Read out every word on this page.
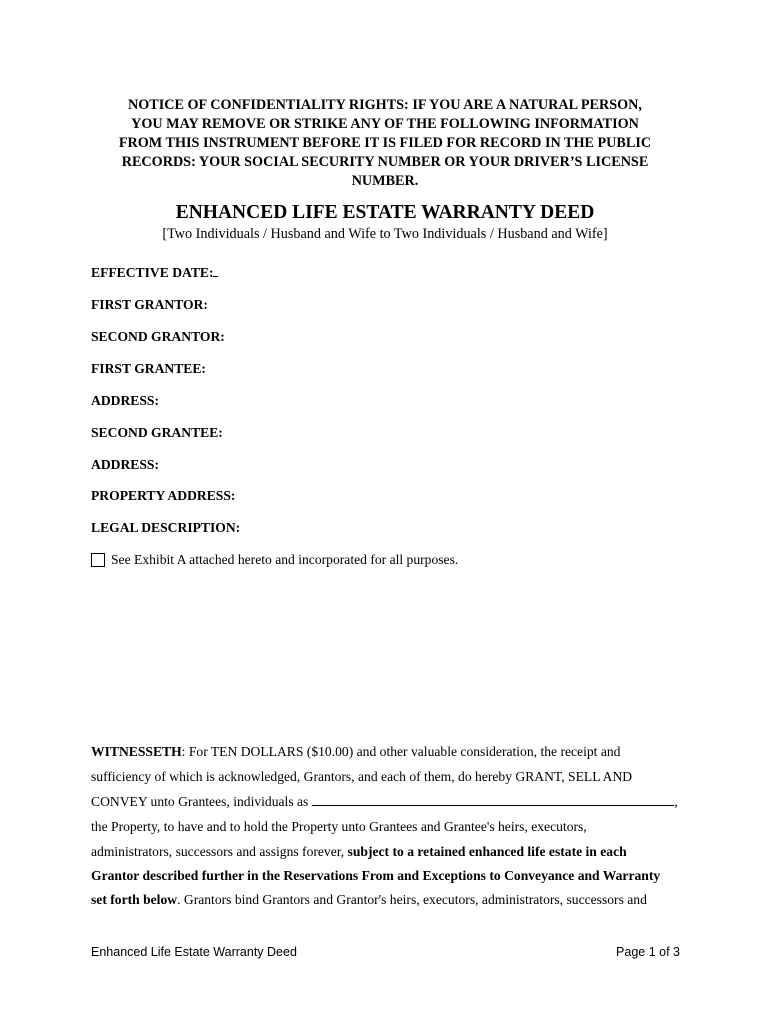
NOTICE OF CONFIDENTIALITY RIGHTS: IF YOU ARE A NATURAL PERSON,
YOU MAY REMOVE OR STRIKE ANY OF THE FOLLOWING INFORMATION
FROM THIS INSTRUMENT BEFORE IT IS FILED FOR RECORD IN THE PUBLIC
RECORDS: YOUR SOCIAL SECURITY NUMBER OR YOUR DRIVER’S LICENSE
NUMBER.
ENHANCED LIFE ESTATE WARRANTY DEED
[Two Individuals / Husband and Wife to Two Individuals / Husband and Wife]
EFFECTIVE DATE:
FIRST GRANTOR:
SECOND GRANTOR:
FIRST GRANTEE:
ADDRESS:
SECOND GRANTEE:
ADDRESS:
PROPERTY ADDRESS:
LEGAL DESCRIPTION:
See Exhibit A attached hereto and incorporated for all purposes.
WITNESSETH: For TEN DOLLARS ($10.00) and other valuable consideration, the receipt and
sufficiency of which is acknowledged, Grantors, and each of them, do hereby GRANT, SELL AND
CONVEY unto Grantees, individuals as	,
the Property, to have and to hold the Property unto Grantees and Grantee's heirs, executors,
administrators, successors and assigns forever, subject to a retained enhanced life estate in each
Grantor described further in the Reservations From and Exceptions to Conveyance and Warranty
set forth below. Grantors bind Grantors and Grantor's heirs, executors, administrators, successors and
Enhanced Life Estate Warranty Deed	Page 1 of 3
